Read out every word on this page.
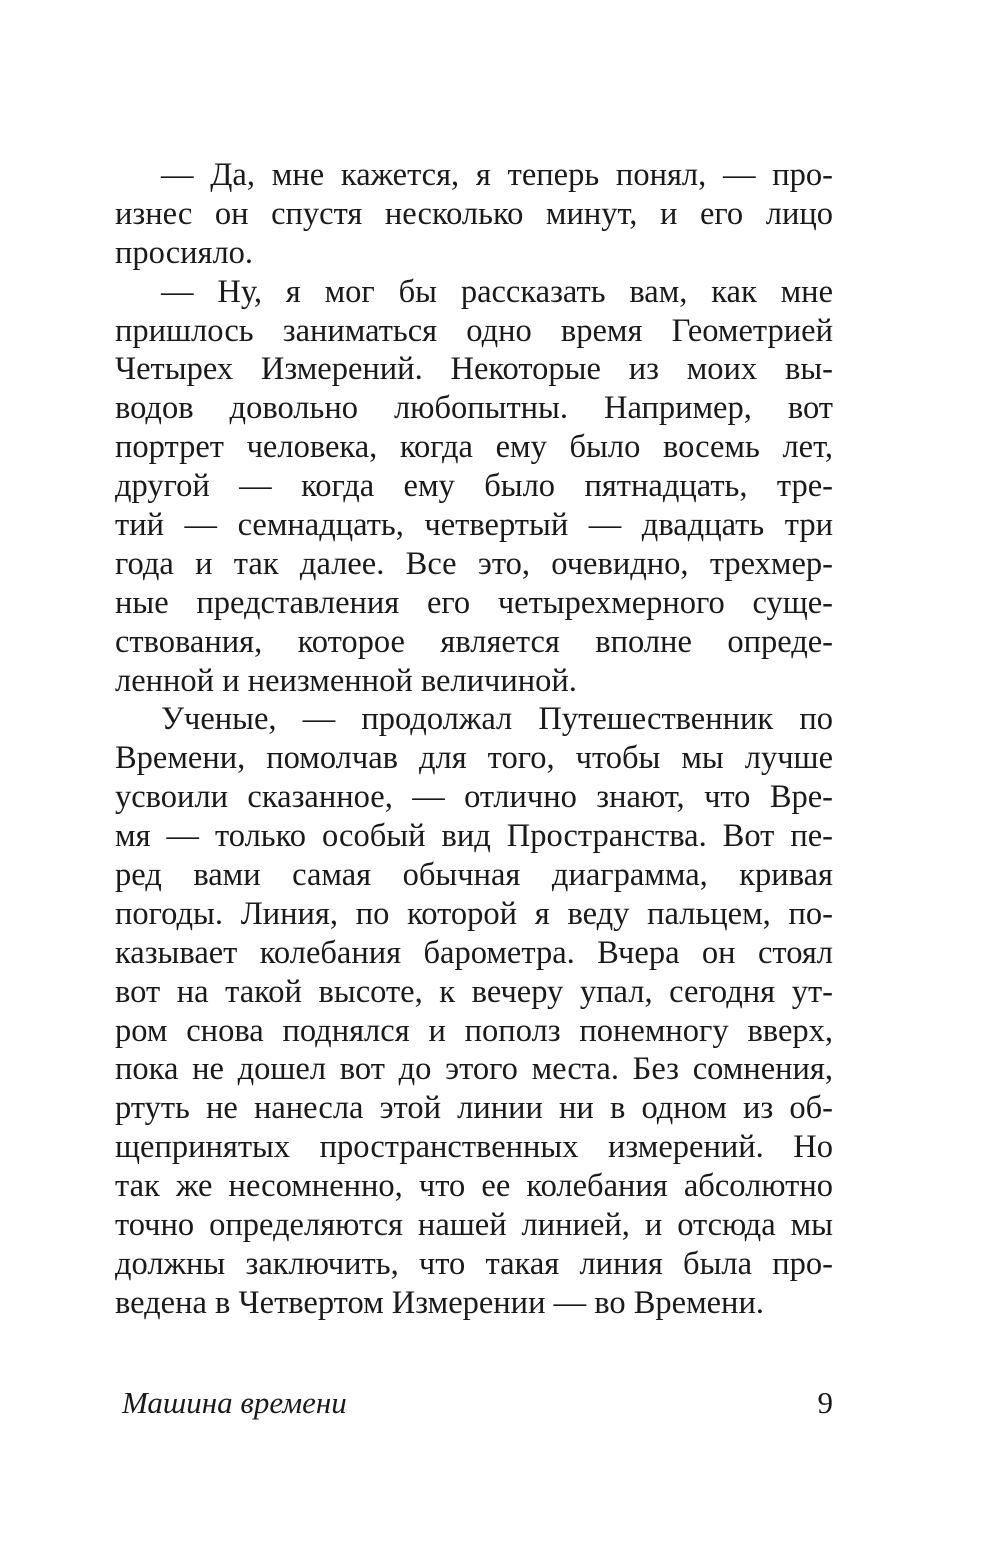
— Да, мне кажется, я теперь понял, — про-
изнес он спустя несколько минут, и его лицо
просияло.
— Ну, я мог бы рассказать вам, как мне
пришлось заниматься одно время Геометрией
Четырех Измерений. Некоторые из моих вы-
водов довольно любопытны. Например, вот
портрет человека, когда ему было восемь лет,
другой — когда ему было пятнадцать, тре-
тий — семнадцать, четвертый — двадцать три
года и так далее. Все это, очевидно, трехмер-
ные представления его четырехмерного суще-
ствования, которое является вполне опреде-
ленной и неизменной величиной.
Ученые, — продолжал Путешественник по
Времени, помолчав для того, чтобы мы лучше
усвоили сказанное, — отлично знают, что Вре-
мя — только особый вид Пространства. Вот пе-
ред вами самая обычная диаграмма, кривая
погоды. Линия, по которой я веду пальцем, по-
казывает колебания барометра. Вчера он стоял
вот на такой высоте, к вечеру упал, сегодня ут-
ром снова поднялся и пополз понемногу вверх,
пока не дошел вот до этого места. Без сомнения,
ртуть не нанесла этой линии ни в одном из об-
щепринятых пространственных измерений. Но
так же несомненно, что ее колебания абсолютно
точно определяются нашей линией, и отсюда мы
должны заключить, что такая линия была про-
ведена в Четвертом Измерении — во Времени.
Машина времени	9
